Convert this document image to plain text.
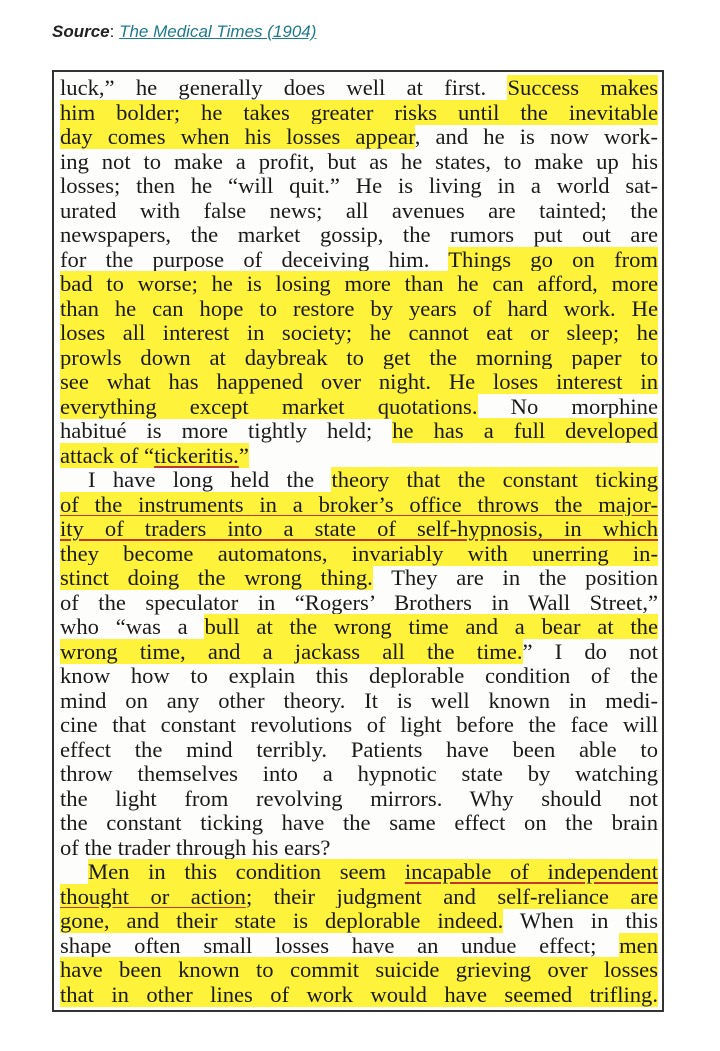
Source: The Medical Times (1904)
luck,” he generally does well at first. Success makes
him bolder; he takes greater risks until the inevitable
day comes when his losses appear, and he is now work-
ing not to make a profit, but as he states, to make up his
losses; then he “will quit.” He is living in a world sat-
urated with false news; all avenues are tainted; the
newspapers, the market gossip, the rumors put out are
for the purpose of deceiving him. Things go on from
bad to worse; he is losing more than he can afford, more
than he can hope to restore by years of hard work. He
loses all interest in society; he cannot eat or sleep; he
prowls down at daybreak to get the morning paper to
see what has happened over night. He loses interest in
everything except market quotations. No morphine
habitué is more tightly held; he has a full developed
attack of “tickeritis.”
I have long held the theory that the constant ticking
of the instruments in a broker’s office throws the major-
ity of traders into a state of self-hypnosis, in which
they become automatons, invariably with unerring in-
stinct doing the wrong thing. They are in the position
of the speculator in “Rogers’ Brothers in Wall Street,”
who “was a bull at the wrong time and a bear at the
wrong time, and a jackass all the time.” I do not
know how to explain this deplorable condition of the
mind on any other theory. It is well known in medi-
cine that constant revolutions of light before the face will
effect the mind terribly. Patients have been able to
throw themselves into a hypnotic state by watching
the light from revolving mirrors. Why should not
the constant ticking have the same effect on the brain
of the trader through his ears?
Men in this condition seem incapable of independent
thought or action; their judgment and self-reliance are
gone, and their state is deplorable indeed. When in this
shape often small losses have an undue effect; men
have been known to commit suicide grieving over losses
that in other lines of work would have seemed trifling.
